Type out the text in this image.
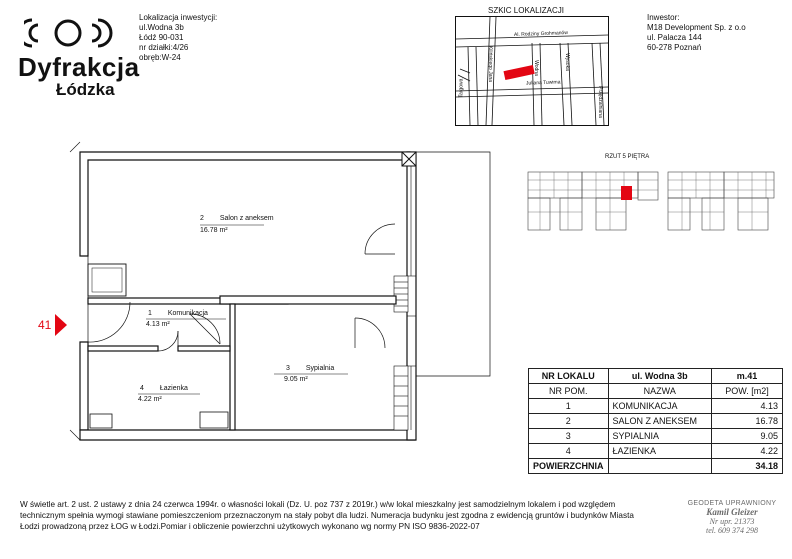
Dyfrakcja
Łódzka
Lokalizacja inwestycji:
ul.Wodna 3b
Łódź 90-031
nr działki:4/26
obręb:W-24
SZKIC LOKALIZACJI
Al. Rodziny Grohmanów
Targowa
Wodna	Wysoka
Juliana Tuwima
Kilińskiego Jana
Przędzalniana
Inwestor:
M18 Development Sp. z o.o
ul. Palacza 144
60-278 Poznań
RZUT 5 PIĘTRA
2 Salon z aneksem
16.78 m²
1 Komunikacja
4.13 m²
3 Sypialnia
9.05 m²
4 Łazienka
4.22 m²
41
NR LOKALU	ul. Wodna 3b	m.41
NR POM.	NAZWA	POW. [m2]
1	KOMUNIKACJA	4.13
2	SALON Z ANEKSEM	16.78
3	SYPIALNIA	9.05
4	ŁAZIENKA	4.22
POWIERZCHNIA		34.18
W świetle art. 2 ust. 2 ustawy z dnia 24 czerwca 1994r. o własności lokali (Dz. U. poz 737 z 2019r.) w/w lokal mieszkalny jest samodzielnym lokalem i pod względem
technicznym spełnia wymogi stawiane pomieszczeniom przeznaczonym na stały pobyt dla ludzi. Numeracja budynku jest zgodna z ewidencją gruntów i budynków Miasta
Łodzi prowadzoną przez ŁOG w Łodzi.Pomiar i obliczenie powierzchni użytkowych wykonano wg normy PN ISO 9836-2022-07
GEODETA UPRAWNIONY
Kamil Gleizer
Nr upr. 21373
tel. 609 374 298
